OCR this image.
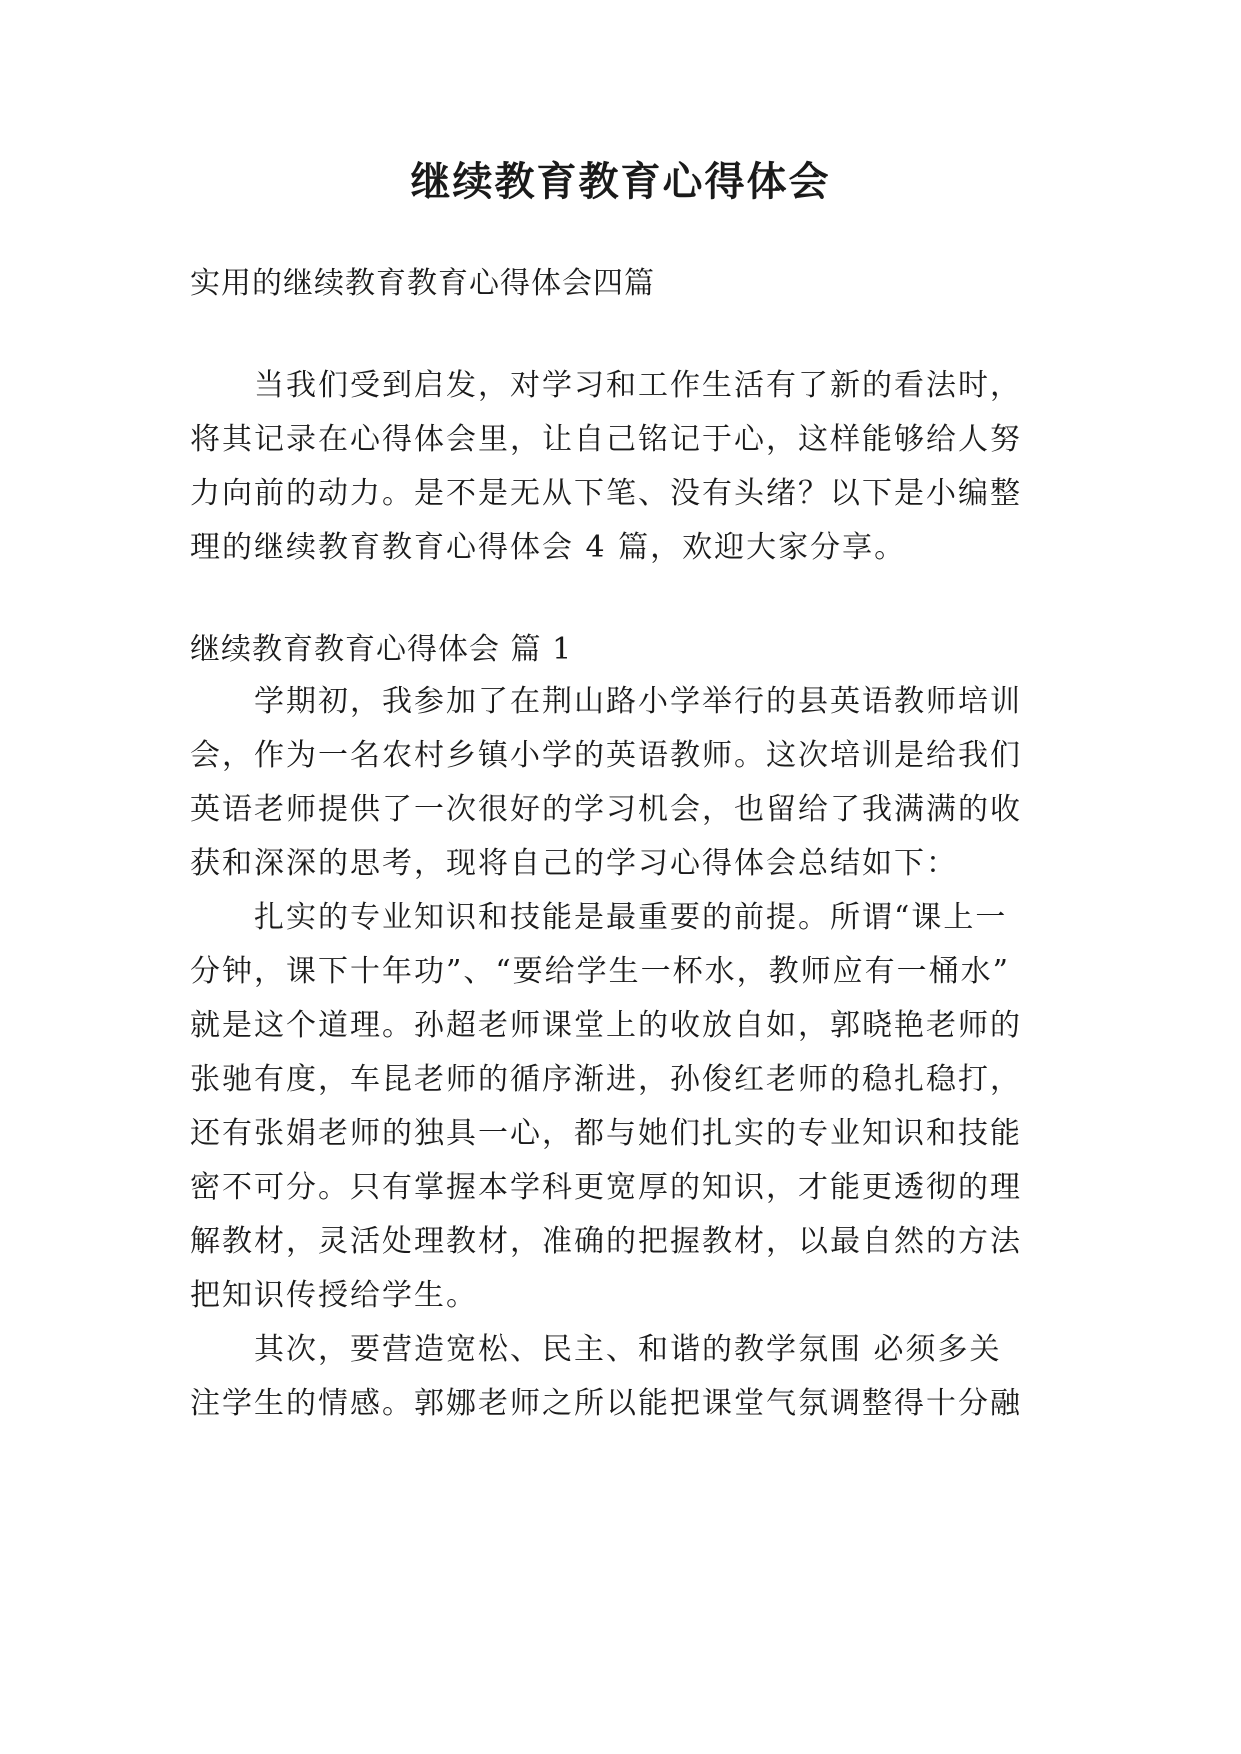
继续教育教育心得体会

实用的继续教育教育心得体会四篇

　　当我们受到启发，对学习和工作生活有了新的看法时，

将其记录在心得体会里，让自己铭记于心，这样能够给人努

力向前的动力。是不是无从下笔、没有头绪？以下是小编整

理的继续教育教育心得体会 4 篇，欢迎大家分享。

继续教育教育心得体会 篇 1

　　学期初，我参加了在荆山路小学举行的县英语教师培训

会，作为一名农村乡镇小学的英语教师。这次培训是给我们

英语老师提供了一次很好的学习机会，也留给了我满满的收

获和深深的思考，现将自己的学习心得体会总结如下：

　　扎实的专业知识和技能是最重要的前提。所谓“课上一

分钟，课下十年功”、“要给学生一杯水，教师应有一桶水”

就是这个道理。孙超老师课堂上的收放自如，郭晓艳老师的

张驰有度，车昆老师的循序渐进，孙俊红老师的稳扎稳打，

还有张娟老师的独具一心，都与她们扎实的专业知识和技能

密不可分。只有掌握本学科更宽厚的知识，才能更透彻的理

解教材，灵活处理教材，准确的把握教材，以最自然的方法

把知识传授给学生。

　　其次，要营造宽松、民主、和谐的教学氛围 必须多关

注学生的情感。郭娜老师之所以能把课堂气氛调整得十分融
